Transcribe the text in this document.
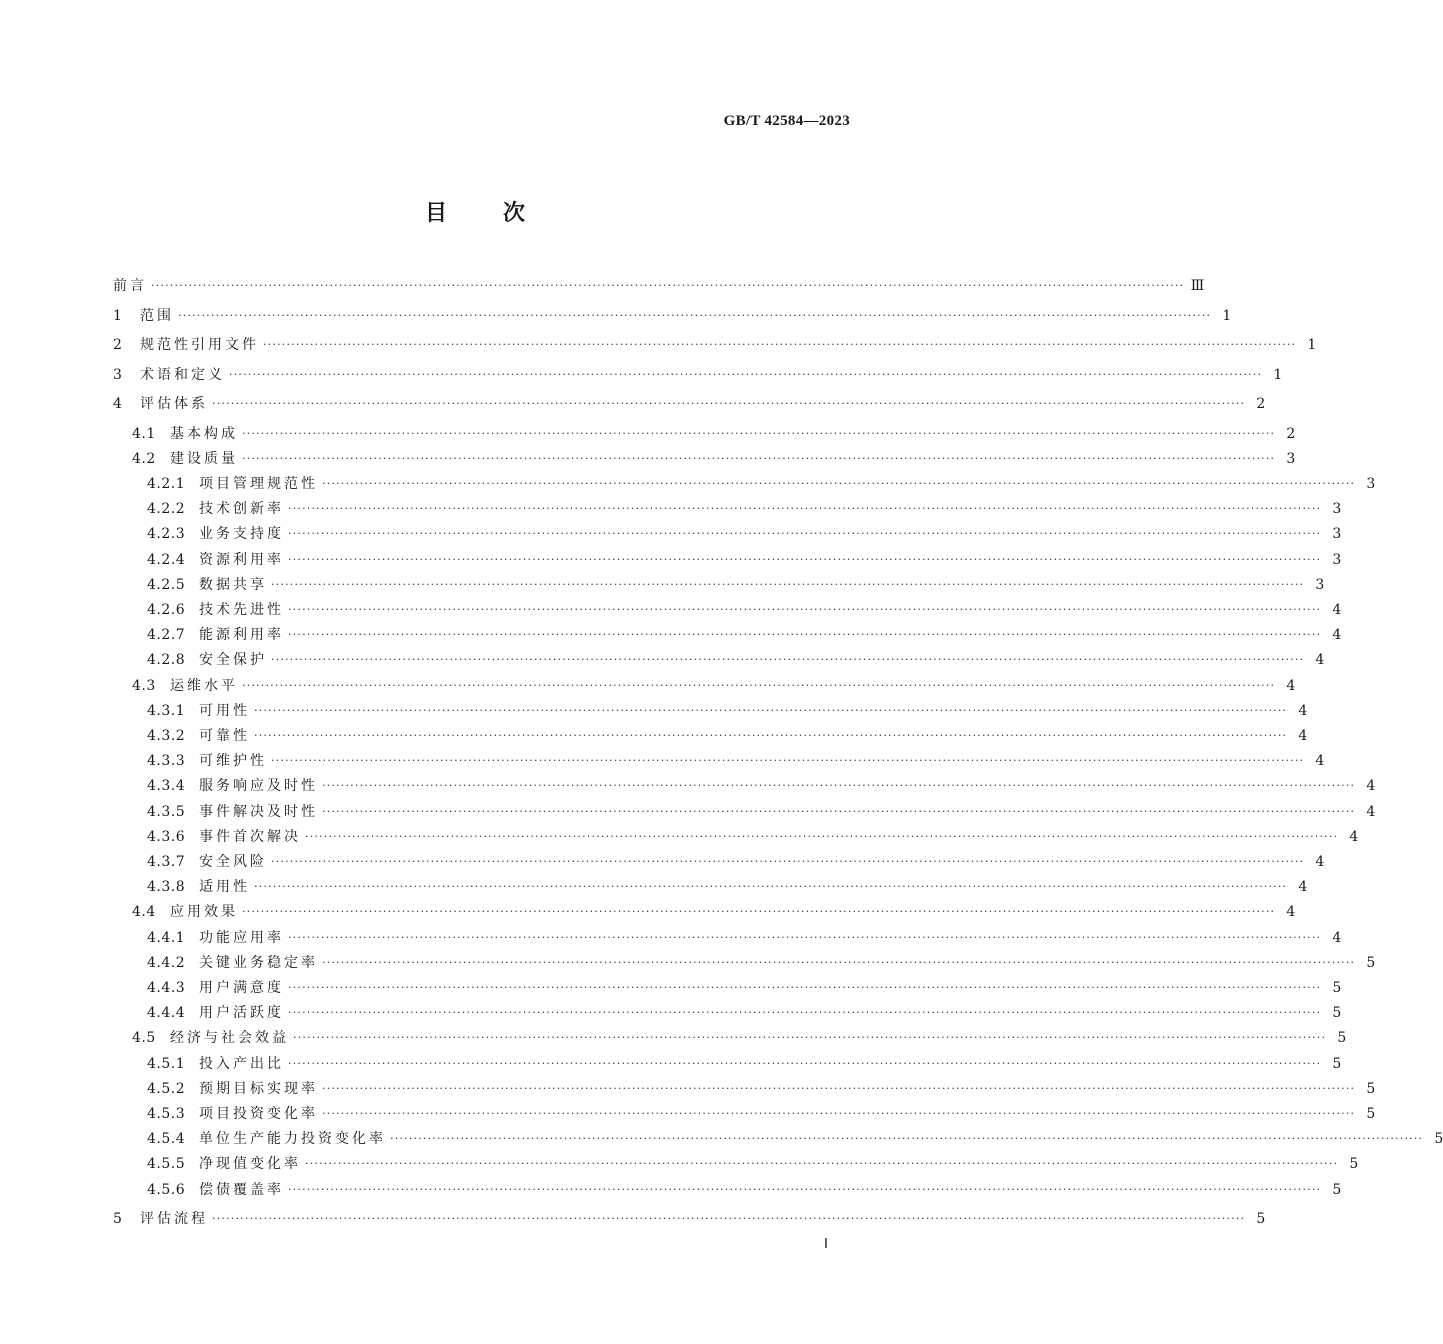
GB/T 42584—2023
目	次
前言 ···························································································································································································································· Ⅲ
1	范围 ···························································································································································································································· 1
2	规范性引用文件 ···························································································································································································································· 1
3	术语和定义 ···························································································································································································································· 1
4	评估体系 ···························································································································································································································· 2
4.1	基本构成 ···························································································································································································································· 2
4.2	建设质量 ···························································································································································································································· 3
4.2.1 项目管理规范性 ···························································································································································································································· 3
4.2.2 技术创新率 ···························································································································································································································· 3
4.2.3 业务支持度 ···························································································································································································································· 3
4.2.4 资源利用率 ···························································································································································································································· 3
4.2.5 数据共享 ···························································································································································································································· 3
4.2.6 技术先进性 ···························································································································································································································· 4
4.2.7 能源利用率 ···························································································································································································································· 4
4.2.8 安全保护 ···························································································································································································································· 4
4.3	运维水平 ···························································································································································································································· 4
4.3.1 可用性 ···························································································································································································································· 4
4.3.2 可靠性 ···························································································································································································································· 4
4.3.3 可维护性 ···························································································································································································································· 4
4.3.4 服务响应及时性 ···························································································································································································································· 4
4.3.5 事件解决及时性 ···························································································································································································································· 4
4.3.6 事件首次解决 ···························································································································································································································· 4
4.3.7 安全风险 ···························································································································································································································· 4
4.3.8 适用性 ···························································································································································································································· 4
4.4	应用效果 ···························································································································································································································· 4
4.4.1 功能应用率 ···························································································································································································································· 4
4.4.2 关键业务稳定率 ···························································································································································································································· 5
4.4.3 用户满意度 ···························································································································································································································· 5
4.4.4 用户活跃度 ···························································································································································································································· 5
4.5	经济与社会效益 ···························································································································································································································· 5
4.5.1 投入产出比 ···························································································································································································································· 5
4.5.2 预期目标实现率 ···························································································································································································································· 5
4.5.3 项目投资变化率 ···························································································································································································································· 5
4.5.4 单位生产能力投资变化率 ···························································································································································································································· 5
4.5.5 净现值变化率 ···························································································································································································································· 5
4.5.6 偿债覆盖率 ···························································································································································································································· 5
5	评估流程 ···························································································································································································································· 5
Ⅰ
